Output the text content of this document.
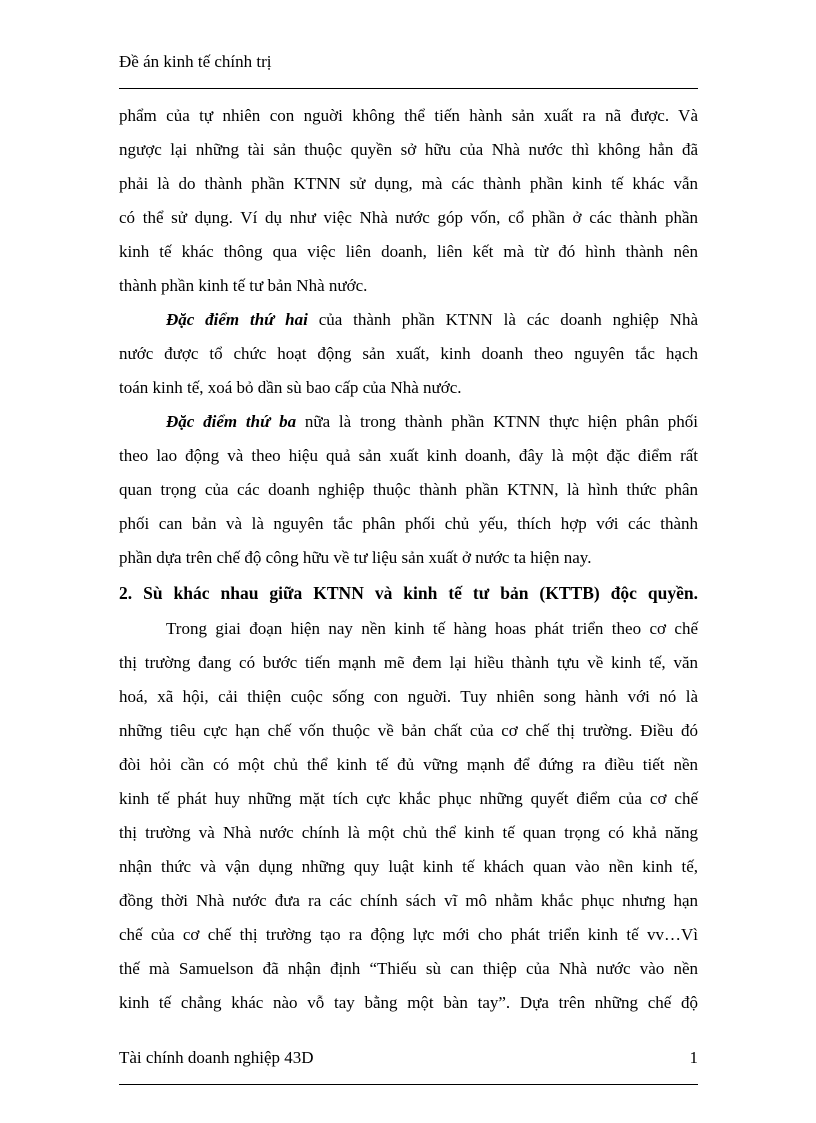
Đề án kinh tế chính trị
phẩm của tự nhiên con nguời không thể tiến hành sản xuất ra nã được. Và
ngược lại những tài sản thuộc quyền sở hữu của Nhà nước thì không hẳn đã
phải là do thành phần KTNN sử dụng, mà các thành phần kinh tế khác vẫn
có thể sử dụng. Ví dụ như việc Nhà nước góp vốn, cổ phần ở các thành phần
kinh tế khác thông qua việc liên doanh, liên kết mà từ đó hình thành nên
thành phần kinh tế tư bản Nhà nước.
Đặc điểm thứ hai của thành phần KTNN là các doanh nghiệp Nhà
nước được tổ chức hoạt động sản xuất, kinh doanh theo nguyên tắc hạch
toán kinh tế, xoá bỏ dần sù bao cấp của Nhà nước.
Đặc điểm thứ ba nữa là trong thành phần KTNN thực hiện phân phối
theo lao động và theo hiệu quả sản xuất kinh doanh, đây là một đặc điểm rất
quan trọng của các doanh nghiệp thuộc thành phần KTNN, là hình thức phân
phối can bản và là nguyên tắc phân phối chủ yếu, thích hợp với các thành
phần dựa trên chế độ công hữu về tư liệu sản xuất ở nước ta hiện nay.
2. Sù khác nhau giữa KTNN và kinh tế tư bản (KTTB) độc quyền.
Trong giai đoạn hiện nay nền kinh tế hàng hoas phát triển theo cơ chế
thị trường đang có bước tiến mạnh mẽ đem lại hiều thành tựu về kinh tế, văn
hoá, xã hội, cải thiện cuộc sống con nguời. Tuy nhiên song hành với nó là
những tiêu cực hạn chế vốn thuộc về bản chất của cơ chế thị trường. Điều đó
đòi hỏi cần có một chủ thể kinh tế đủ vững mạnh để đứng ra điều tiết nền
kinh tế phát huy những mặt tích cực khắc phục những quyết điểm của cơ chế
thị trường và Nhà nước chính là một chủ thể kinh tế quan trọng có khả năng
nhận thức và vận dụng những quy luật kinh tế khách quan vào nền kinh tế,
đồng thời Nhà nước đưa ra các chính sách vĩ mô nhằm khắc phục nhưng hạn
chế của cơ chế thị trường tạo ra động lực mới cho phát triển kinh tế vv…Vì
thế mà Samuelson đã nhận định “Thiếu sù can thiệp của Nhà nước vào nền
kinh tế chẳng khác nào vỗ tay bằng một bàn tay”. Dựa trên những chế độ
Tài chính doanh nghiệp 43D	1
